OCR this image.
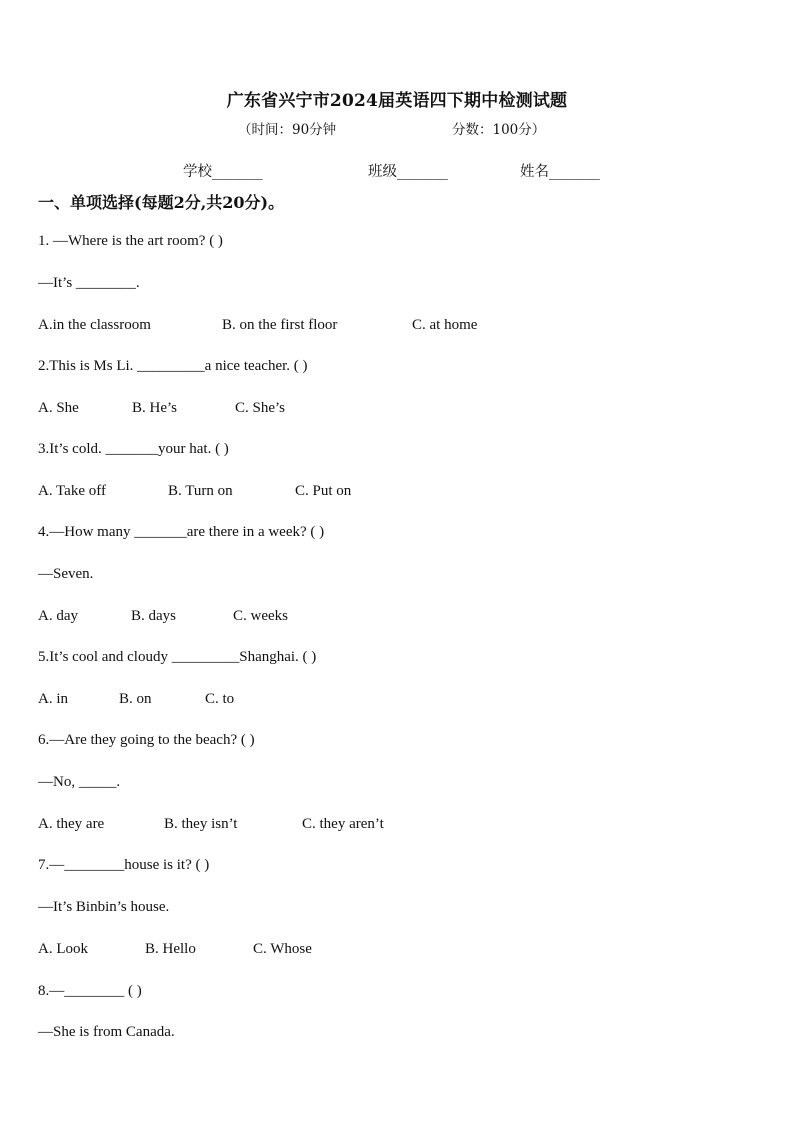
广东省兴宁市2024届英语四下期中检测试题
（时间：90分钟	分数：100分）
学校_______	班级_______	姓名_______
一、单项选择(每题2分,共20分)。
1. —Where is the art room? ( )
—It’s ________.
A.in the classroom	B. on the first floor	C. at home
2.This is Ms Li. _________a nice teacher. ( )
A. She	B. He’s	C. She’s
3.It’s cold. _______your hat. ( )
A. Take off	B. Turn on	C. Put on
4.—How many _______are there in a week? ( )
—Seven.
A. day	B. days	C. weeks
5.It’s cool and cloudy _________Shanghai. ( )
A. in	B. on	C. to
6.—Are they going to the beach? ( )
—No, _____.
A. they are	B. they isn’t	C. they aren’t
7.—________house is it? ( )
—It’s Binbin’s house.
A. Look	B. Hello	C. Whose
8.—________ ( )
—She is from Canada.
